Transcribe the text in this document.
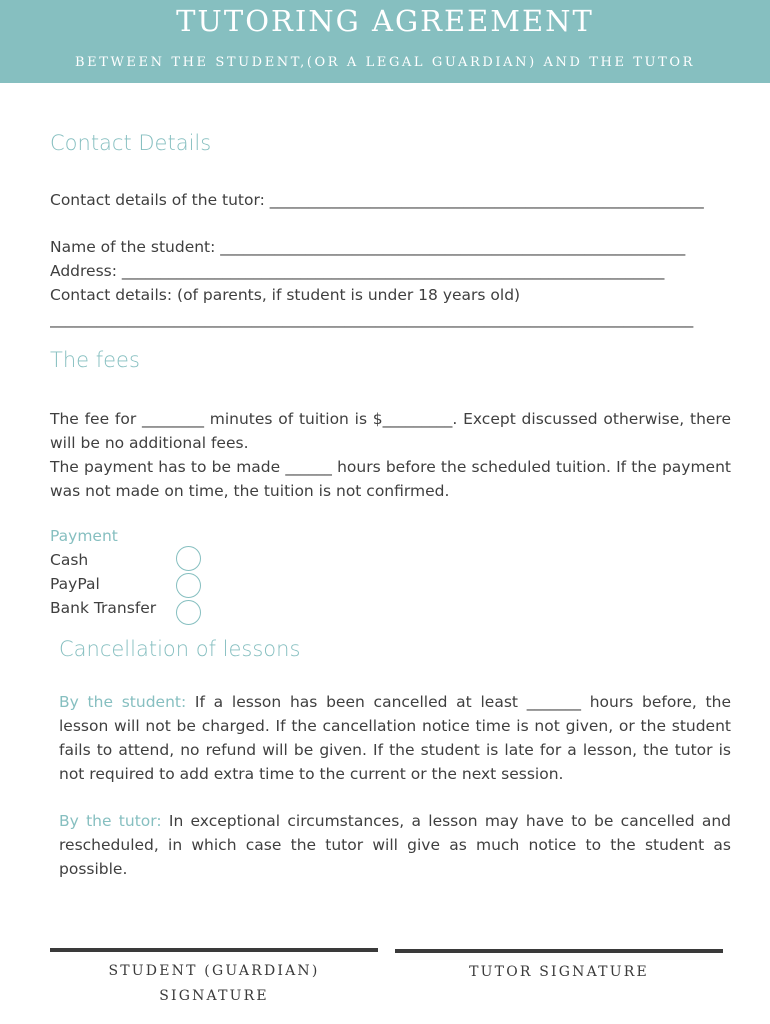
TUTORING AGREEMENT
BETWEEN THE STUDENT,(OR A LEGAL GUARDIAN) AND THE TUTOR
Contact Details
Contact details of the tutor: ________________________________________________________
Name of the student: ____________________________________________________________
Address: ______________________________________________________________________
Contact details: (of parents, if student is under 18 years old)
___________________________________________________________________________________
The fees
The fee for ________ minutes of tuition is $_________. Except discussed otherwise, there will be no additional fees.
The payment has to be made ______ hours before the scheduled tuition. If the payment was not made on time, the tuition is not confirmed.
Payment
Cash
PayPal
Bank Transfer
Cancellation of lessons
By the student: If a lesson has been cancelled at least _______ hours before, the lesson will not be charged. If the cancellation notice time is not given, or the student fails to attend, no refund will be given. If the student is late for a lesson, the tutor is not required to add extra time to the current or the next session.
By the tutor: In exceptional circumstances, a lesson may have to be cancelled and rescheduled, in which case the tutor will give as much notice to the student as possible.
STUDENT (GUARDIAN)
SIGNATURE
TUTOR SIGNATURE
